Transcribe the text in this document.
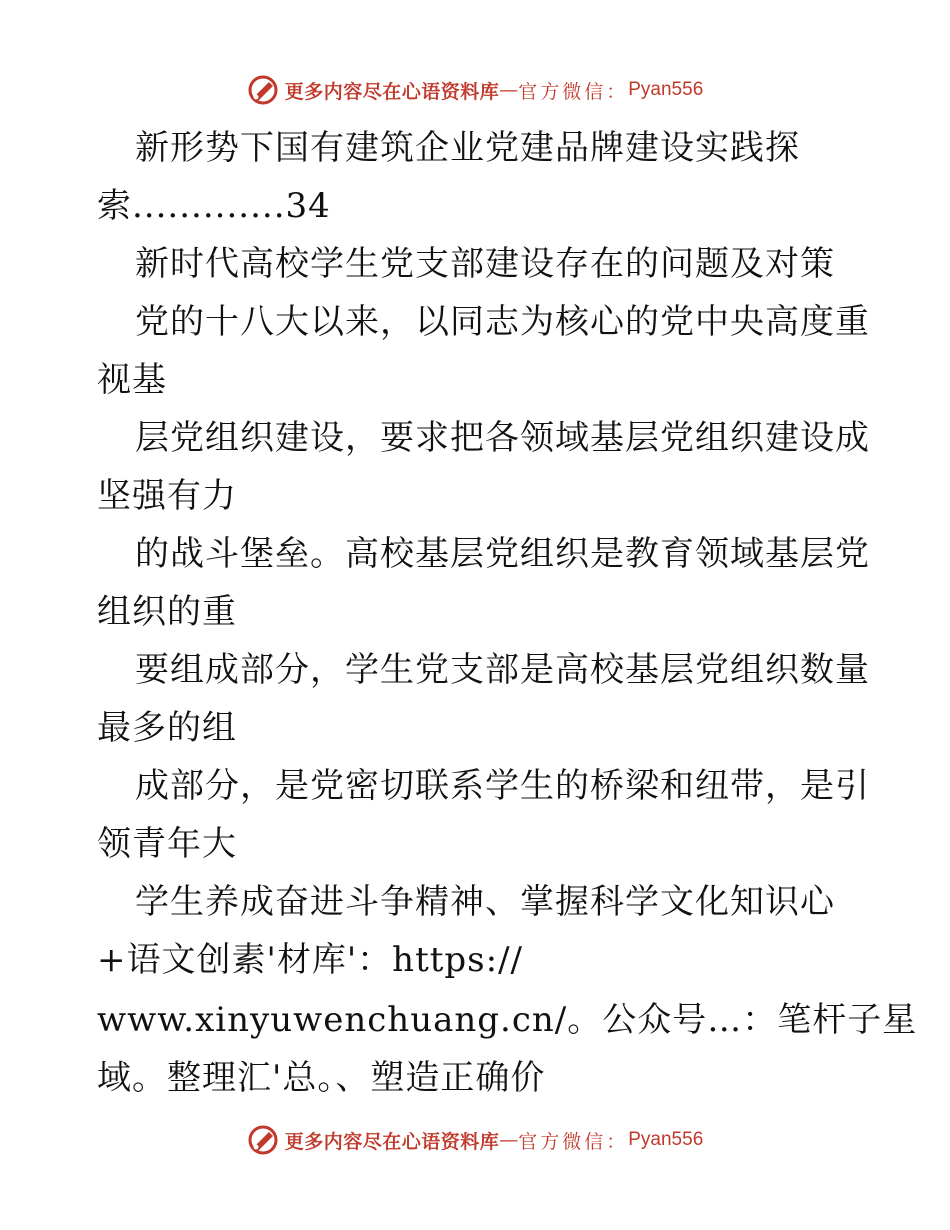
更多内容尽在心语资料库 — 官方微信： Pyan556
新形势下国有建筑企业党建品牌建设实践探
索.............34
新时代高校学生党支部建设存在的问题及对策
党的十八大以来，以同志为核心的党中央高度重
视基
层党组织建设，要求把各领域基层党组织建设成
坚强有力
的战斗堡垒。高校基层党组织是教育领域基层党
组织的重
要组成部分，学生党支部是高校基层党组织数量
最多的组
成部分，是党密切联系学生的桥梁和纽带，是引
领青年大
学生养成奋进斗争精神、掌握科学文化知识心
+语文创素'材库'：https://
www.xinyuwenchuang.cn/。公众号…：笔杆子星
域。整理汇'总。、塑造正确价
更多内容尽在心语资料库 — 官方微信： Pyan556
